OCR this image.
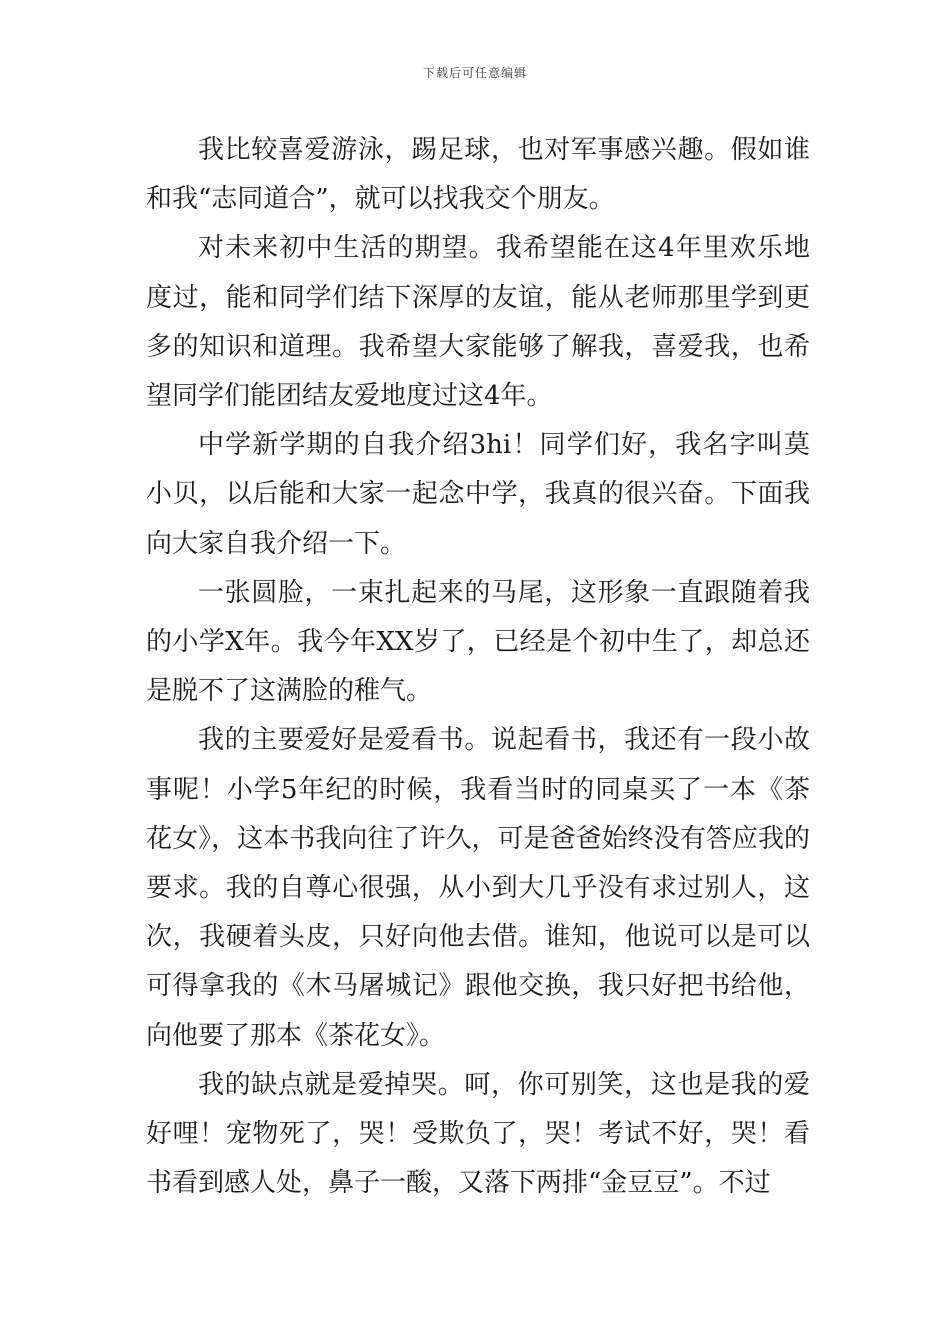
下载后可任意编辑

我比较喜爱游泳，踢足球，也对军事感兴趣。假如谁和我“志同道合”，就可以找我交个朋友。

对未来初中生活的期望。我希望能在这4年里欢乐地度过，能和同学们结下深厚的友谊，能从老师那里学到更多的知识和道理。我希望大家能够了解我，喜爱我，也希望同学们能团结友爱地度过这4年。

中学新学期的自我介绍3hi！同学们好，我名字叫莫小贝，以后能和大家一起念中学，我真的很兴奋。下面我向大家自我介绍一下。

一张圆脸，一束扎起来的马尾，这形象一直跟随着我的小学X年。我今年XX岁了，已经是个初中生了，却总还是脱不了这满脸的稚气。

我的主要爱好是爱看书。说起看书，我还有一段小故事呢！小学5年纪的时候，我看当时的同桌买了一本《茶花女》，这本书我向往了许久，可是爸爸始终没有答应我的要求。我的自尊心很强，从小到大几乎没有求过别人，这次，我硬着头皮，只好向他去借。谁知，他说可以是可以可得拿我的《木马屠城记》跟他交换，我只好把书给他，向他要了那本《茶花女》。

我的缺点就是爱掉哭。呵，你可别笑，这也是我的爱好哩！宠物死了，哭！受欺负了，哭！考试不好，哭！看书看到感人处，鼻子一酸，又落下两排“金豆豆”。不过
